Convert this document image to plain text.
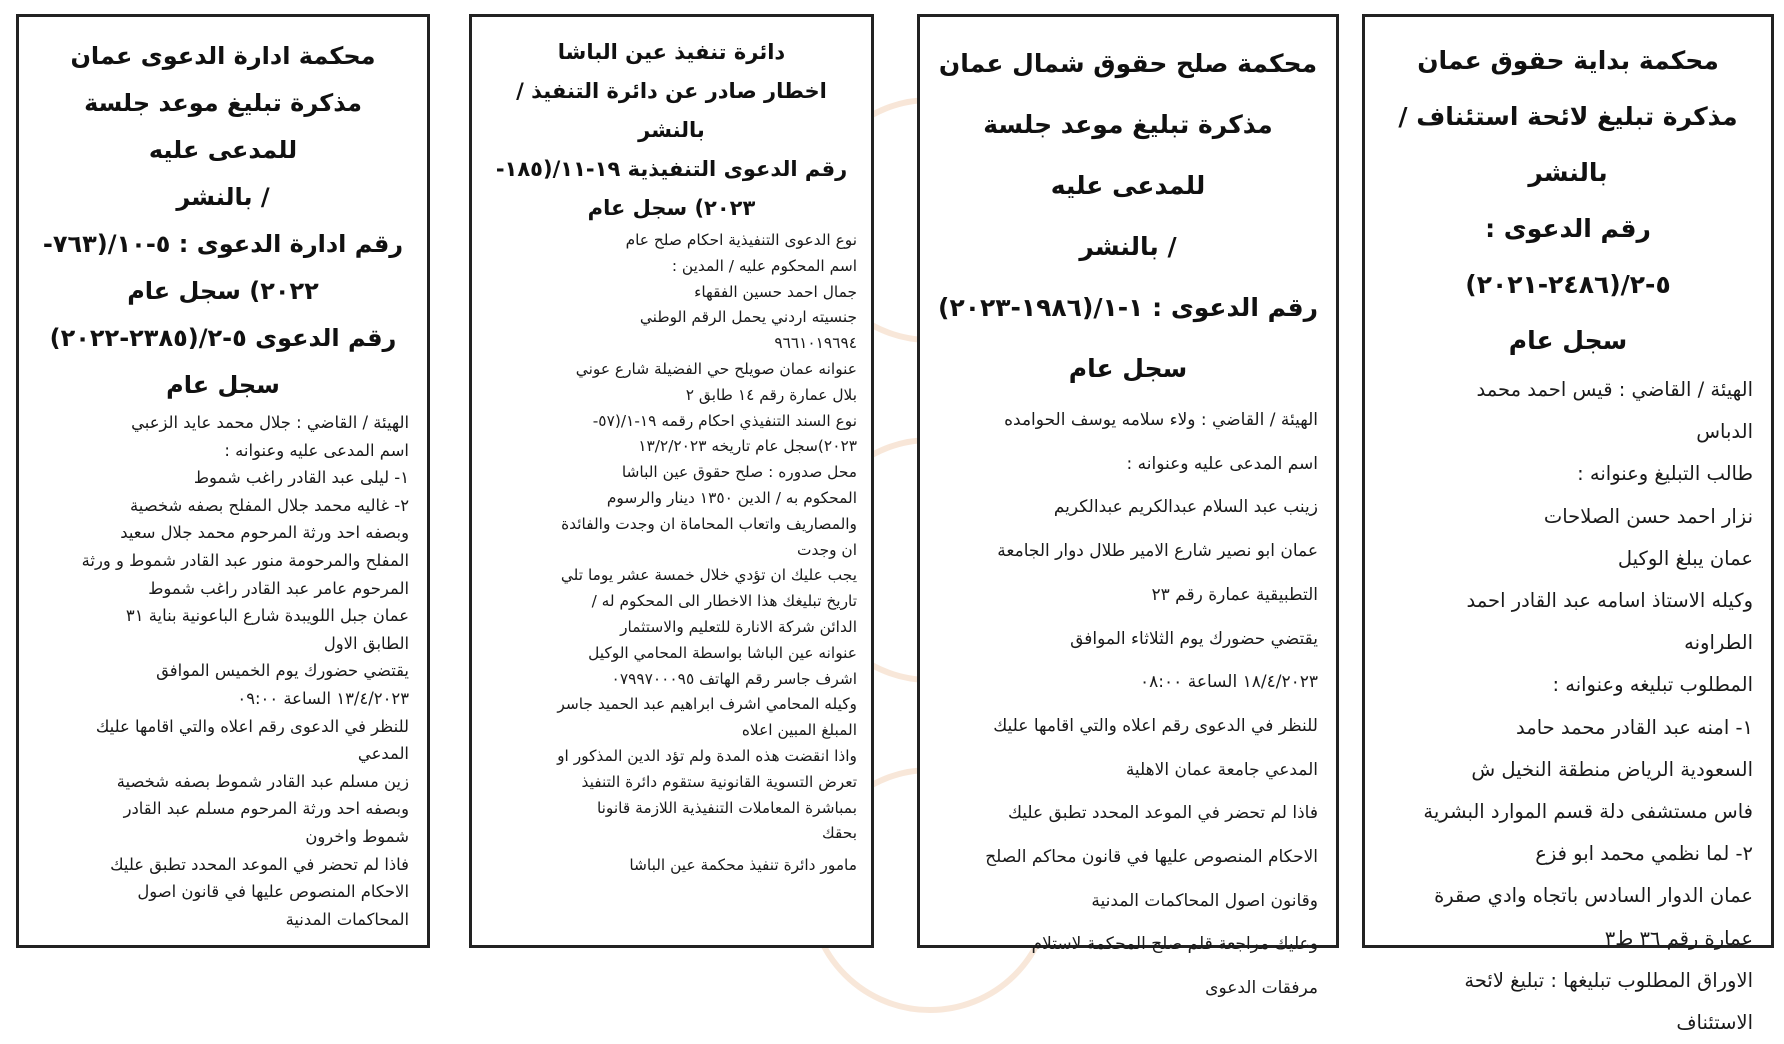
محكمة بداية حقوق عمان
مذكرة تبليغ لائحة استئناف /بالنشر
رقم الدعوى : ٥-٢/(٢٤٨٦-٢٠٢١)
سجل عام
الهيئة / القاضي : قيس احمد محمد
الدباس
طالب التبليغ وعنوانه :
نزار احمد حسن الصلاحات
عمان يبلغ الوكيل
وكيله الاستاذ اسامه عبد القادر احمد
الطراونه
المطلوب تبليغه وعنوانه :
١- امنه عبد القادر محمد حامد
السعودية الرياض منطقة النخيل ش
فاس مستشفى دلة قسم الموارد البشرية
٢- لما نظمي محمد ابو فزع
عمان الدوار السادس باتجاه وادي صقرة
عمارة رقم ٣٦ ط٣
الاوراق المطلوب تبليغها : تبليغ لائحة
الاستئناف
محكمة صلح حقوق شمال عمان
مذكرة تبليغ موعد جلسة للمدعى عليه
/ بالنشر
رقم الدعوى : ١-١/(١٩٨٦-٢٠٢٣)
سجل عام
الهيئة / القاضي : ولاء سلامه يوسف الحوامده
اسم المدعى عليه وعنوانه :
زينب عبد السلام عبدالكريم عبدالكريم
عمان ابو نصير شارع الامير طلال دوار الجامعة
التطبيقية عمارة رقم ٢٣
يقتضي حضورك يوم الثلاثاء الموافق
١٨/٤/٢٠٢٣ الساعة ٠٨:٠٠
للنظر في الدعوى رقم اعلاه والتي اقامها عليك
المدعي جامعة عمان الاهلية
فاذا لم تحضر في الموعد المحدد تطبق عليك
الاحكام المنصوص عليها في قانون محاكم الصلح
وقانون اصول المحاكمات المدنية
وعليك مراجعة قلم صلح المحكمة لاستلام
مرفقات الدعوى
دائرة تنفيذ عين الباشا
اخطار صادر عن دائرة التنفيذ / بالنشر
رقم الدعوى التنفيذية ١٩-١١/(١٨٥-
٢٠٢٣) سجل عام
نوع الدعوى التنفيذية احكام صلح عام
اسم المحكوم عليه / المدين :
جمال احمد حسين الفقهاء
جنسيته اردني يحمل الرقم الوطني
٩٦٦١٠١٩٦٩٤
عنوانه عمان صويلح حي الفضيلة شارع عوني
بلال عمارة رقم ١٤ طابق ٢
نوع السند التنفيذي احكام رقمه ١٩-١/(٥٧-
٢٠٢٣)سجل عام تاريخه ١٣/٢/٢٠٢٣
محل صدوره : صلح حقوق عين الباشا
المحكوم به / الدين ١٣٥٠ دينار والرسوم
والمصاريف واتعاب المحاماة ان وجدت والفائدة
ان وجدت
يجب عليك ان تؤدي خلال خمسة عشر يوما تلي
تاريخ تبليغك هذا الاخطار الى المحكوم له /
الدائن شركة الانارة للتعليم والاستثمار
عنوانه عين الباشا بواسطة المحامي الوكيل
اشرف جاسر رقم الهاتف ٠٧٩٩٧٠٠٠٩٥
وكيله المحامي اشرف ابراهيم عبد الحميد جاسر
المبلغ المبين اعلاه
واذا انقضت هذه المدة ولم تؤد الدين المذكور او
تعرض التسوية القانونية ستقوم دائرة التنفيذ
بمباشرة المعاملات التنفيذية اللازمة قانونا
بحقك
مامور دائرة تنفيذ محكمة عين الباشا
محكمة ادارة الدعوى عمان
مذكرة تبليغ موعد جلسة للمدعى عليه
/ بالنشر
رقم ادارة الدعوى : ٥-١٠/(٧٦٣-
٢٠٢٢) سجل عام
رقم الدعوى ٥-٢/(٢٣٨٥-٢٠٢٢)
سجل عام
الهيئة / القاضي : جلال محمد عايد الزعبي
اسم المدعى عليه وعنوانه :
١- ليلى عبد القادر راغب شموط
٢- غاليه محمد جلال المفلح بصفه شخصية
وبصفه احد ورثة المرحوم محمد جلال سعيد
المفلح والمرحومة منور عبد القادر شموط و ورثة
المرحوم عامر عبد القادر راغب شموط
عمان جبل اللويبدة شارع الباعونية بناية ٣١
الطابق الاول
يقتضي حضورك يوم الخميس الموافق
١٣/٤/٢٠٢٣ الساعة ٠٩:٠٠
للنظر في الدعوى رقم اعلاه والتي اقامها عليك
المدعي
زين مسلم عبد القادر شموط بصفه شخصية
وبصفه احد ورثة المرحوم مسلم عبد القادر
شموط واخرون
فاذا لم تحضر في الموعد المحدد تطبق عليك
الاحكام المنصوص عليها في قانون اصول
المحاكمات المدنية
